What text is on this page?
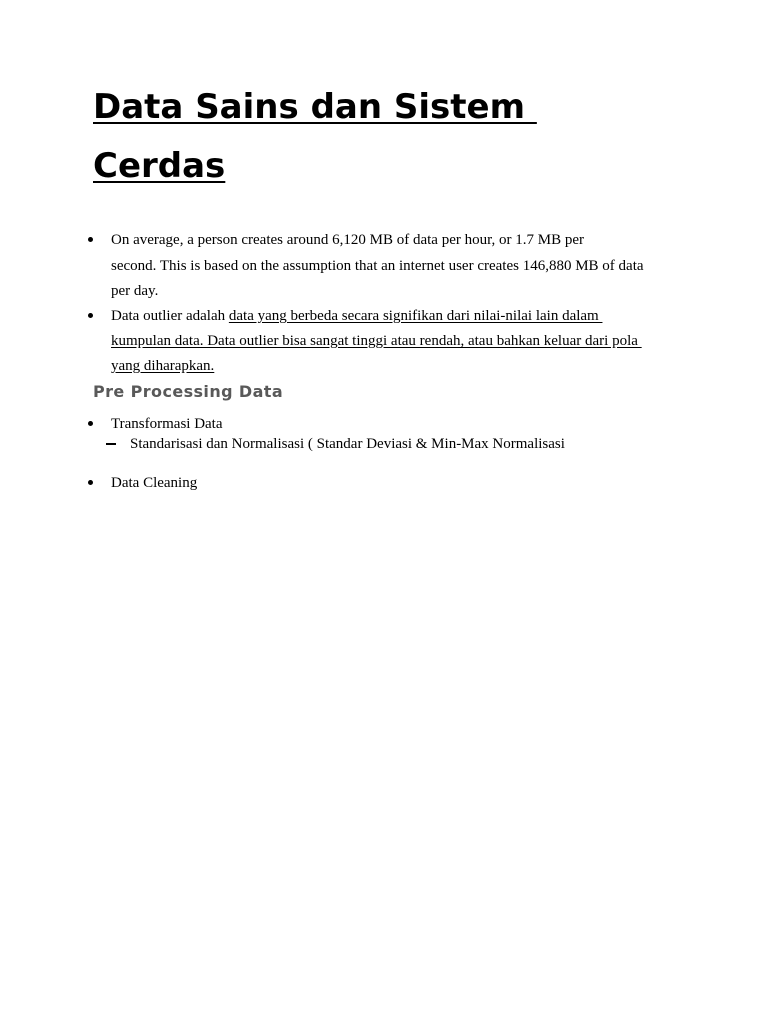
Data Sains dan Sistem
Cerdas

On average, a person creates around 6,120 MB of data per hour, or 1.7 MB per

second. This is based on the assumption that an internet user creates 146,880 MB of data

per day.

Data outlier adalah data yang berbeda secara signifikan dari nilai-nilai lain dalam

kumpulan data. Data outlier bisa sangat tinggi atau rendah, atau bahkan keluar dari pola

yang diharapkan.

Pre Processing Data

Transformasi Data

Standarisasi dan Normalisasi ( Standar Deviasi & Min-Max Normalisasi

Data Cleaning
